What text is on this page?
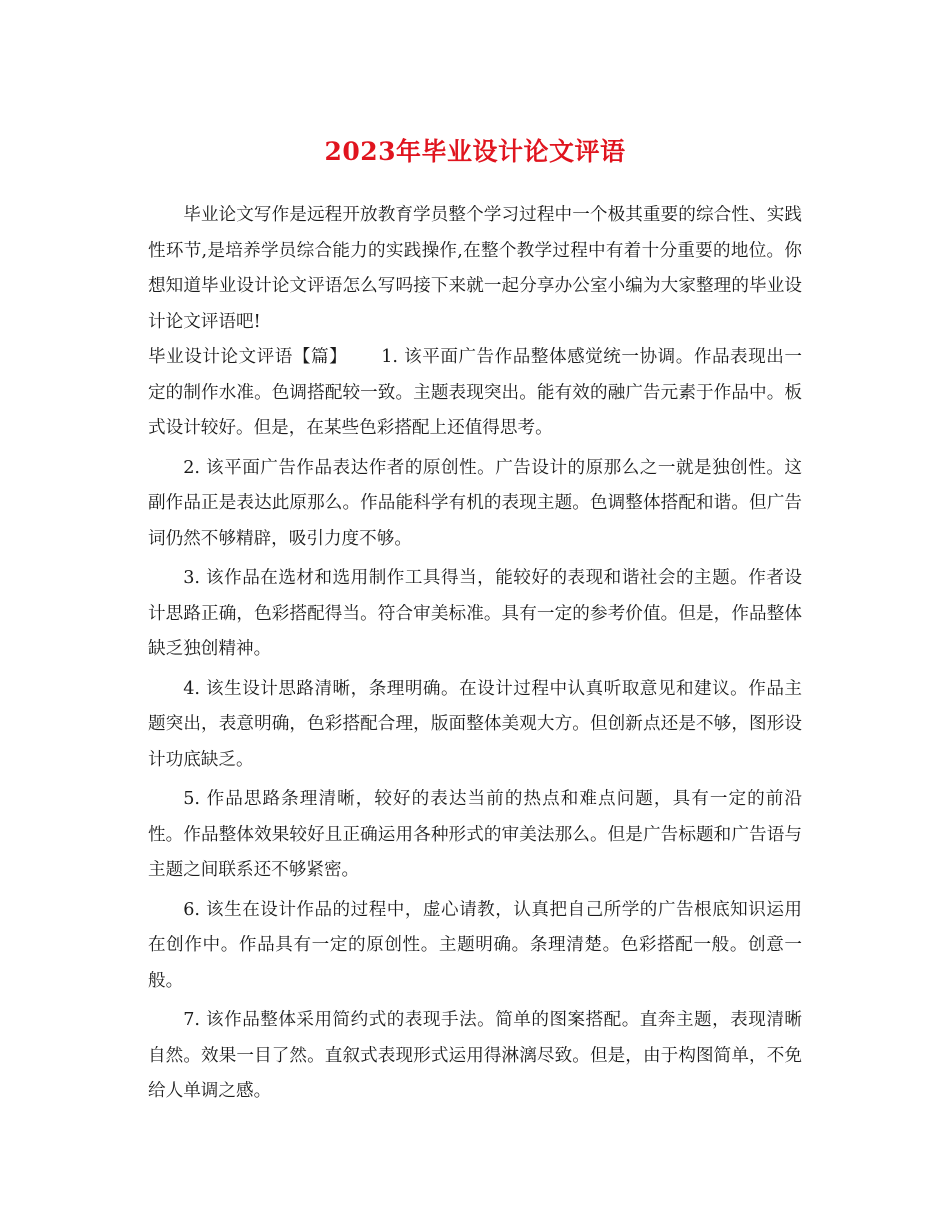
2023年毕业设计论文评语

毕业论文写作是远程开放教育学员整个学习过程中一个极其重要的综合性、实践性环节,是培养学员综合能力的实践操作,在整个教学过程中有着十分重要的地位。你想知道毕业设计论文评语怎么写吗接下来就一起分享办公室小编为大家整理的毕业设计论文评语吧!

毕业设计论文评语【篇】 1. 该平面广告作品整体感觉统一协调。作品表现出一定的制作水准。色调搭配较一致。主题表现突出。能有效的融广告元素于作品中。板式设计较好。但是，在某些色彩搭配上还值得思考。

2. 该平面广告作品表达作者的原创性。广告设计的原那么之一就是独创性。这副作品正是表达此原那么。作品能科学有机的表现主题。色调整体搭配和谐。但广告词仍然不够精辟，吸引力度不够。

3. 该作品在选材和选用制作工具得当，能较好的表现和谐社会的主题。作者设计思路正确，色彩搭配得当。符合审美标准。具有一定的参考价值。但是，作品整体缺乏独创精神。

4. 该生设计思路清晰，条理明确。在设计过程中认真听取意见和建议。作品主题突出，表意明确，色彩搭配合理，版面整体美观大方。但创新点还是不够，图形设计功底缺乏。

5. 作品思路条理清晰，较好的表达当前的热点和难点问题，具有一定的前沿性。作品整体效果较好且正确运用各种形式的审美法那么。但是广告标题和广告语与主题之间联系还不够紧密。

6. 该生在设计作品的过程中，虚心请教，认真把自己所学的广告根底知识运用在创作中。作品具有一定的原创性。主题明确。条理清楚。色彩搭配一般。创意一般。

7. 该作品整体采用简约式的表现手法。简单的图案搭配。直奔主题，表现清晰自然。效果一目了然。直叙式表现形式运用得淋漓尽致。但是，由于构图简单，不免给人单调之感。
